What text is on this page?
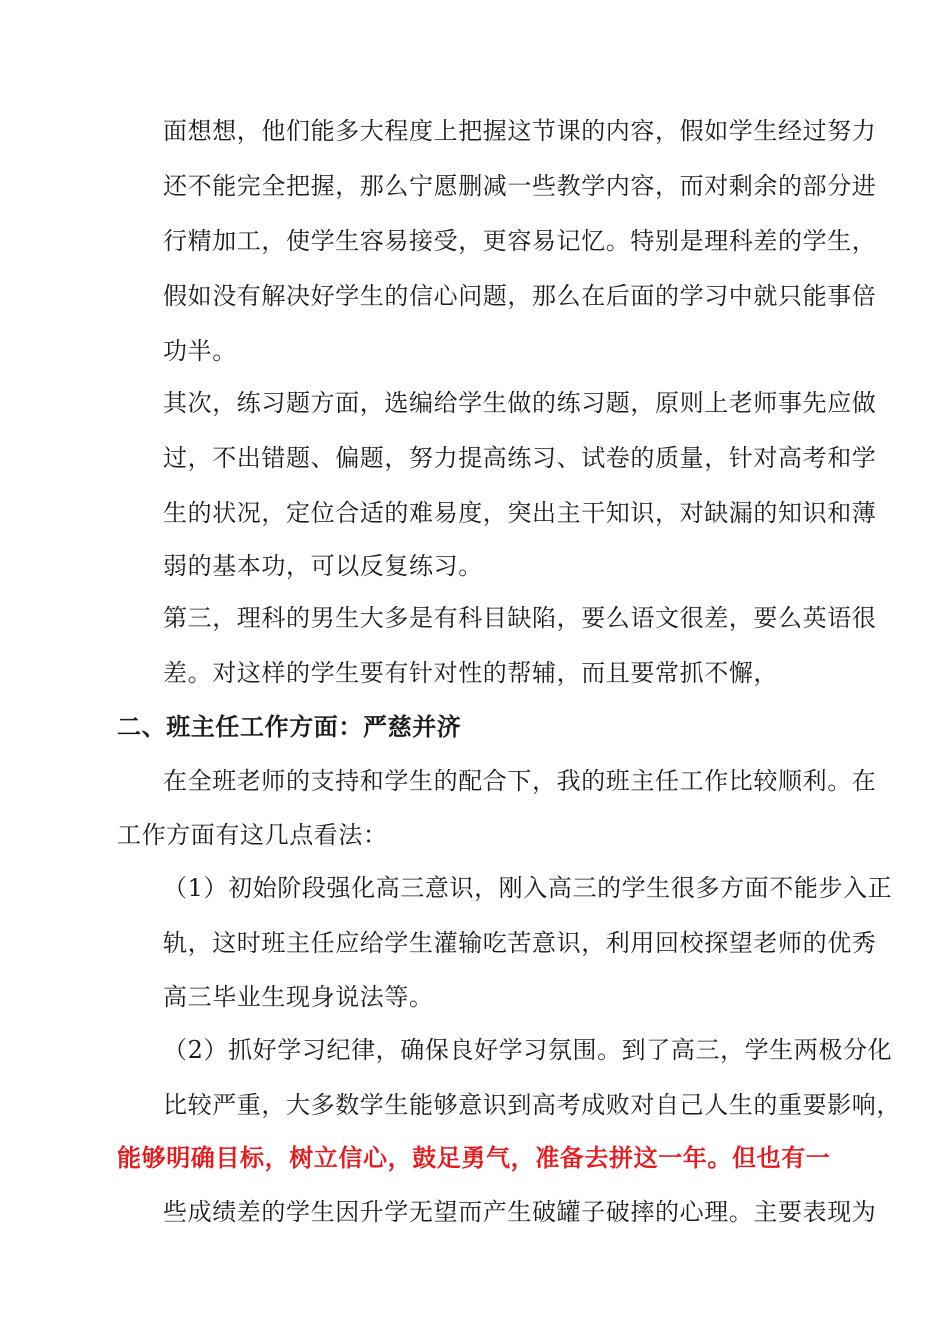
面想想，他们能多大程度上把握这节课的内容，假如学生经过努力
还不能完全把握，那么宁愿删减一些教学内容，而对剩余的部分进
行精加工，使学生容易接受，更容易记忆。特别是理科差的学生，
假如没有解决好学生的信心问题，那么在后面的学习中就只能事倍
功半。
其次，练习题方面，选编给学生做的练习题，原则上老师事先应做
过，不出错题、偏题，努力提高练习、试卷的质量，针对高考和学
生的状况，定位合适的难易度，突出主干知识，对缺漏的知识和薄
弱的基本功，可以反复练习。
第三，理科的男生大多是有科目缺陷，要么语文很差，要么英语很
差。对这样的学生要有针对性的帮辅，而且要常抓不懈，
二、班主任工作方面：严慈并济
在全班老师的支持和学生的配合下，我的班主任工作比较顺利。在
工作方面有这几点看法：
（1）初始阶段强化高三意识，刚入高三的学生很多方面不能步入正
轨，这时班主任应给学生灌输吃苦意识，利用回校探望老师的优秀
高三毕业生现身说法等。
（2）抓好学习纪律，确保良好学习氛围。到了高三，学生两极分化
比较严重，大多数学生能够意识到高考成败对自己人生的重要影响，
能够明确目标，树立信心，鼓足勇气，准备去拼这一年。但也有一
些成绩差的学生因升学无望而产生破罐子破摔的心理。主要表现为
